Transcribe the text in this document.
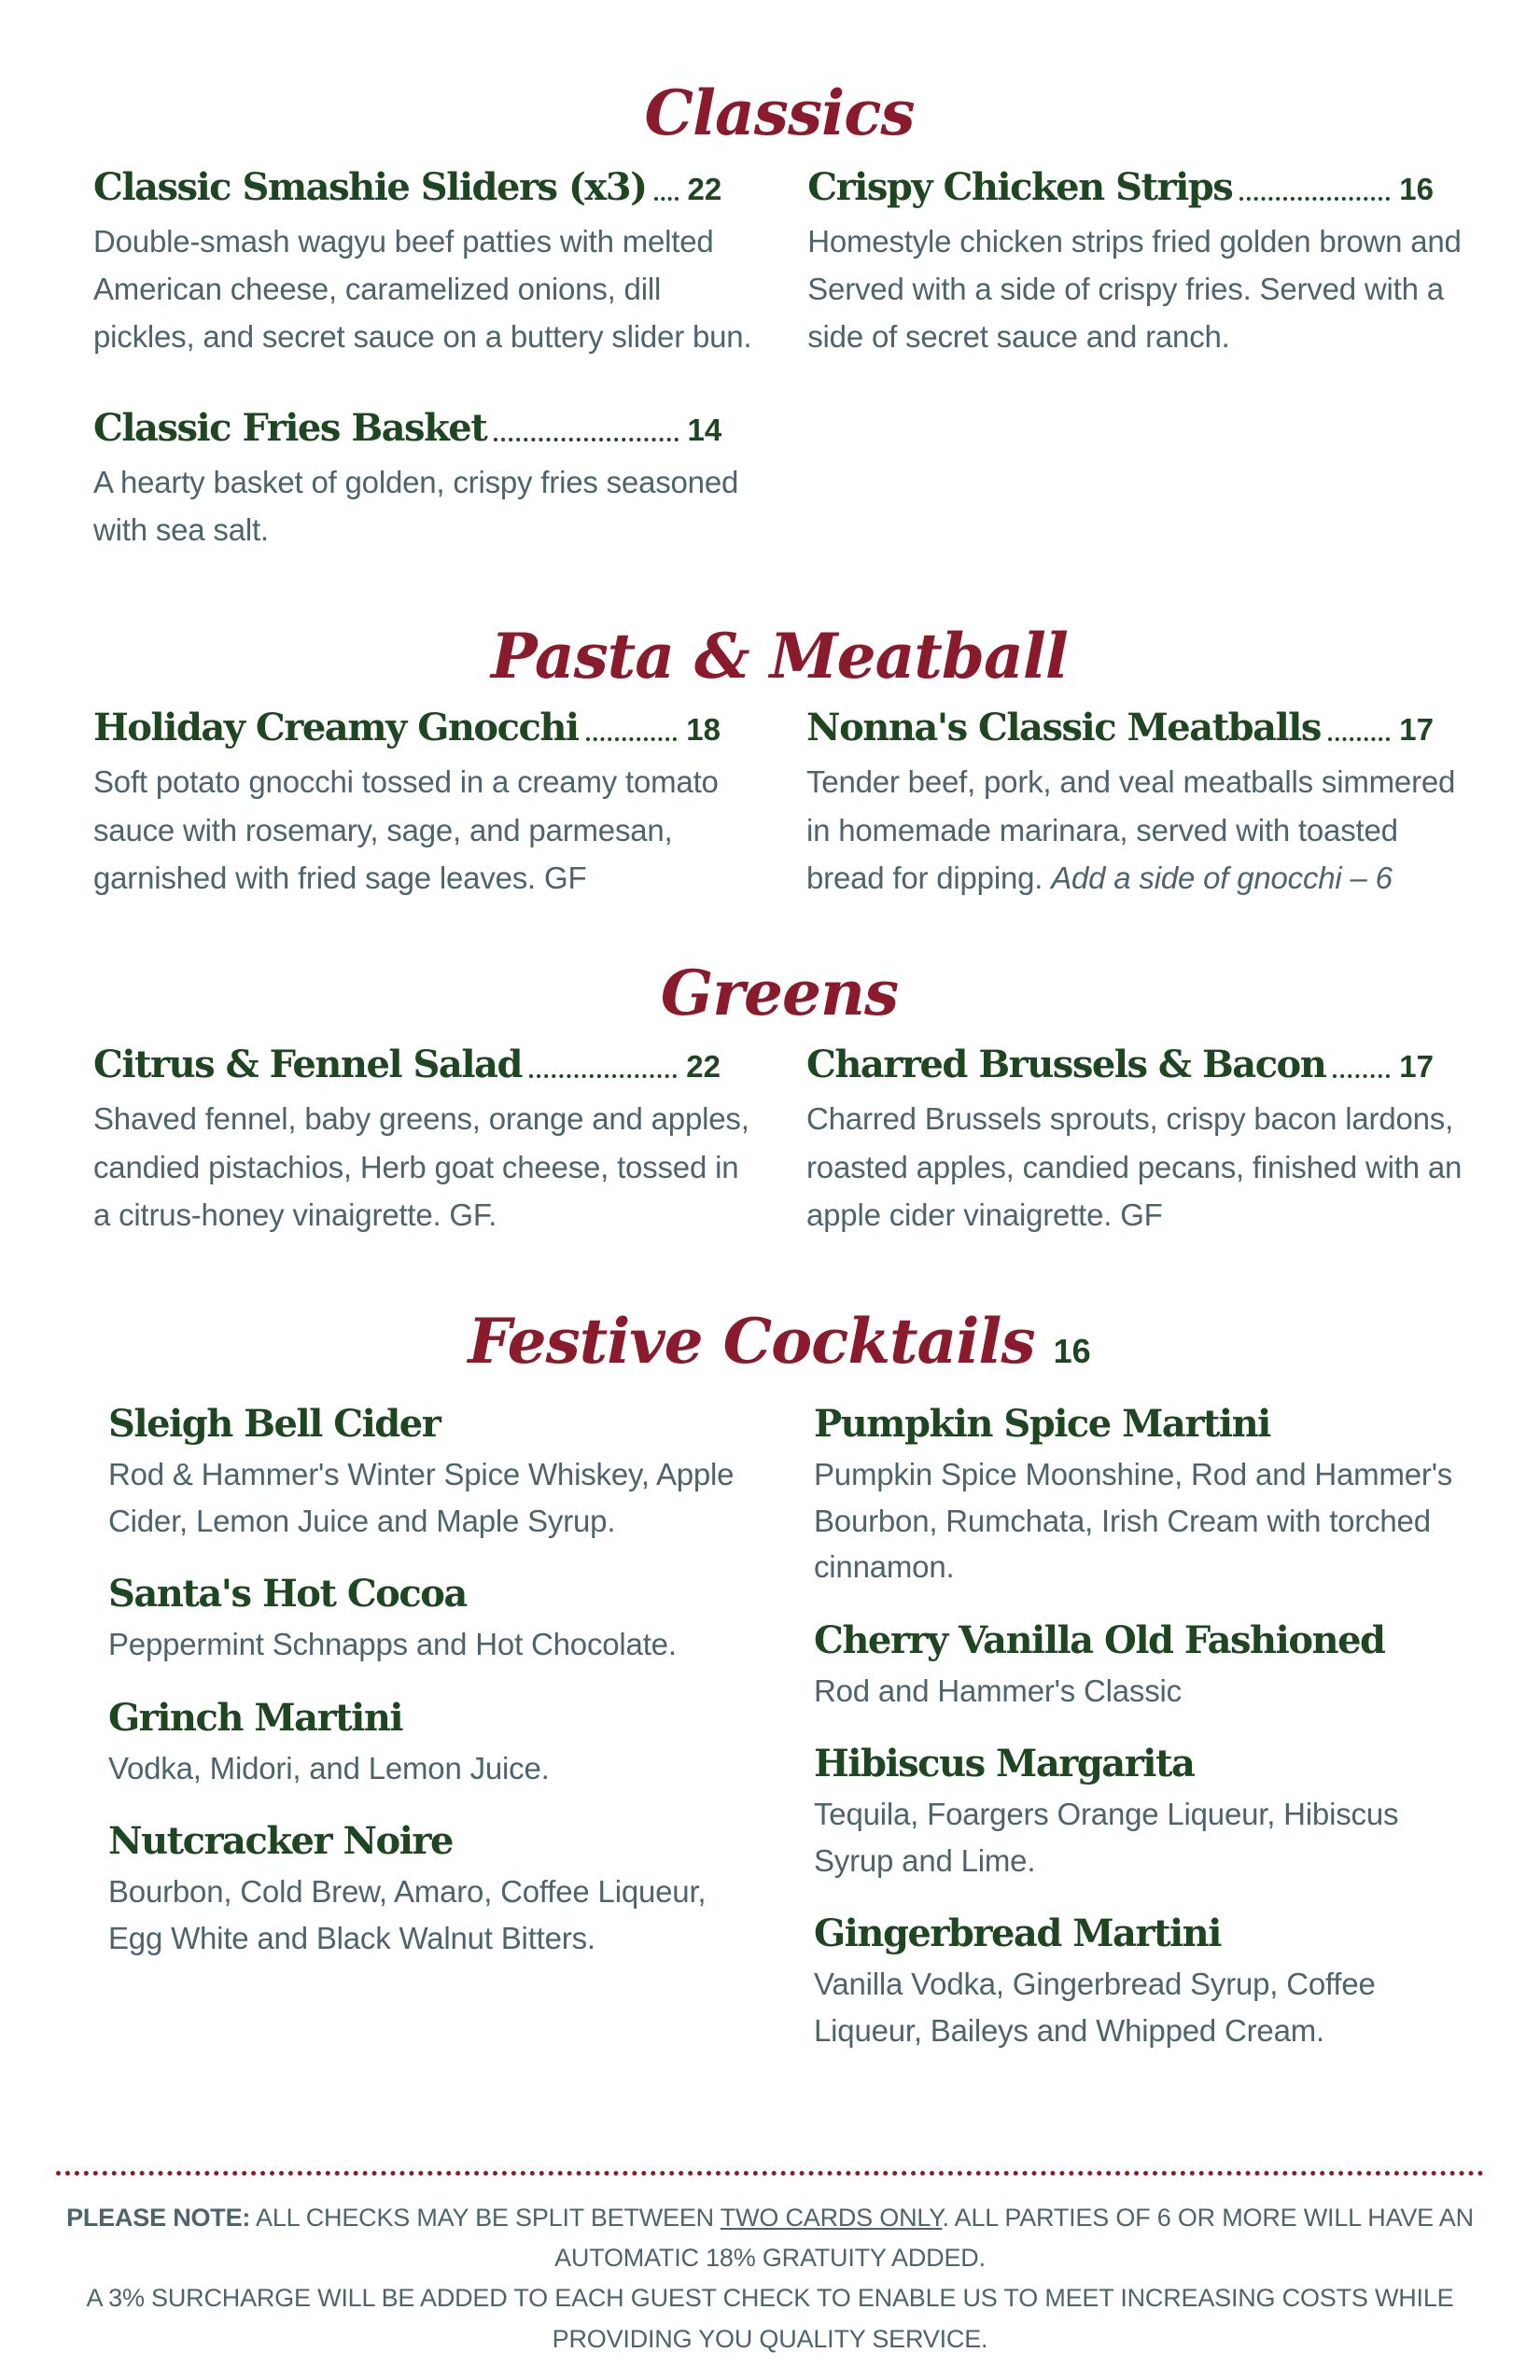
Classics
Classic Smashie Sliders (x3) 22

Double-smash wagyu beef patties with melted American cheese, caramelized onions, dill pickles, and secret sauce on a buttery slider bun.

Classic Fries Basket	14

A hearty basket of golden, crispy fries seasoned with sea salt.

Crispy Chicken Strips	16

Homestyle chicken strips fried golden brown and Served with a side of crispy fries. Served with a side of secret sauce and ranch.

Pasta & Meatball
Holiday Creamy Gnocchi	18

Soft potato gnocchi tossed in a creamy tomato sauce with rosemary, sage, and parmesan, garnished with fried sage leaves. GF

Nonna's Classic Meatballs	17

Tender beef, pork, and veal meatballs simmered in homemade marinara, served with toasted bread for dipping. Add a side of gnocchi – 6

Greens
Citrus & Fennel Salad	22

Shaved fennel, baby greens, orange and apples, candied pistachios, Herb goat cheese, tossed in a citrus-honey vinaigrette. GF.

Charred Brussels & Bacon 17

Charred Brussels sprouts, crispy bacon lardons, roasted apples, candied pecans, finished with an apple cider vinaigrette. GF

Festive Cocktails 16
Sleigh Bell Cider

Rod & Hammer's Winter Spice Whiskey, Apple Cider, Lemon Juice and Maple Syrup.

Santa's Hot Cocoa

Peppermint Schnapps and Hot Chocolate.

Grinch Martini

Vodka, Midori, and Lemon Juice.

Nutcracker Noire

Bourbon, Cold Brew, Amaro, Coffee Liqueur, Egg White and Black Walnut Bitters.

Pumpkin Spice Martini

Pumpkin Spice Moonshine, Rod and Hammer's Bourbon, Rumchata, Irish Cream with torched cinnamon.

Cherry Vanilla Old Fashioned

Rod and Hammer's Classic

Hibiscus Margarita

Tequila, Foargers Orange Liqueur, Hibiscus Syrup and Lime.

Gingerbread Martini

Vanilla Vodka, Gingerbread Syrup, Coffee Liqueur, Baileys and Whipped Cream.

PLEASE NOTE: ALL CHECKS MAY BE SPLIT BETWEEN TWO CARDS ONLY. ALL PARTIES OF 6 OR MORE WILL HAVE AN AUTOMATIC 18% GRATUITY ADDED.
A 3% SURCHARGE WILL BE ADDED TO EACH GUEST CHECK TO ENABLE US TO MEET INCREASING COSTS WHILE PROVIDING YOU QUALITY SERVICE.
